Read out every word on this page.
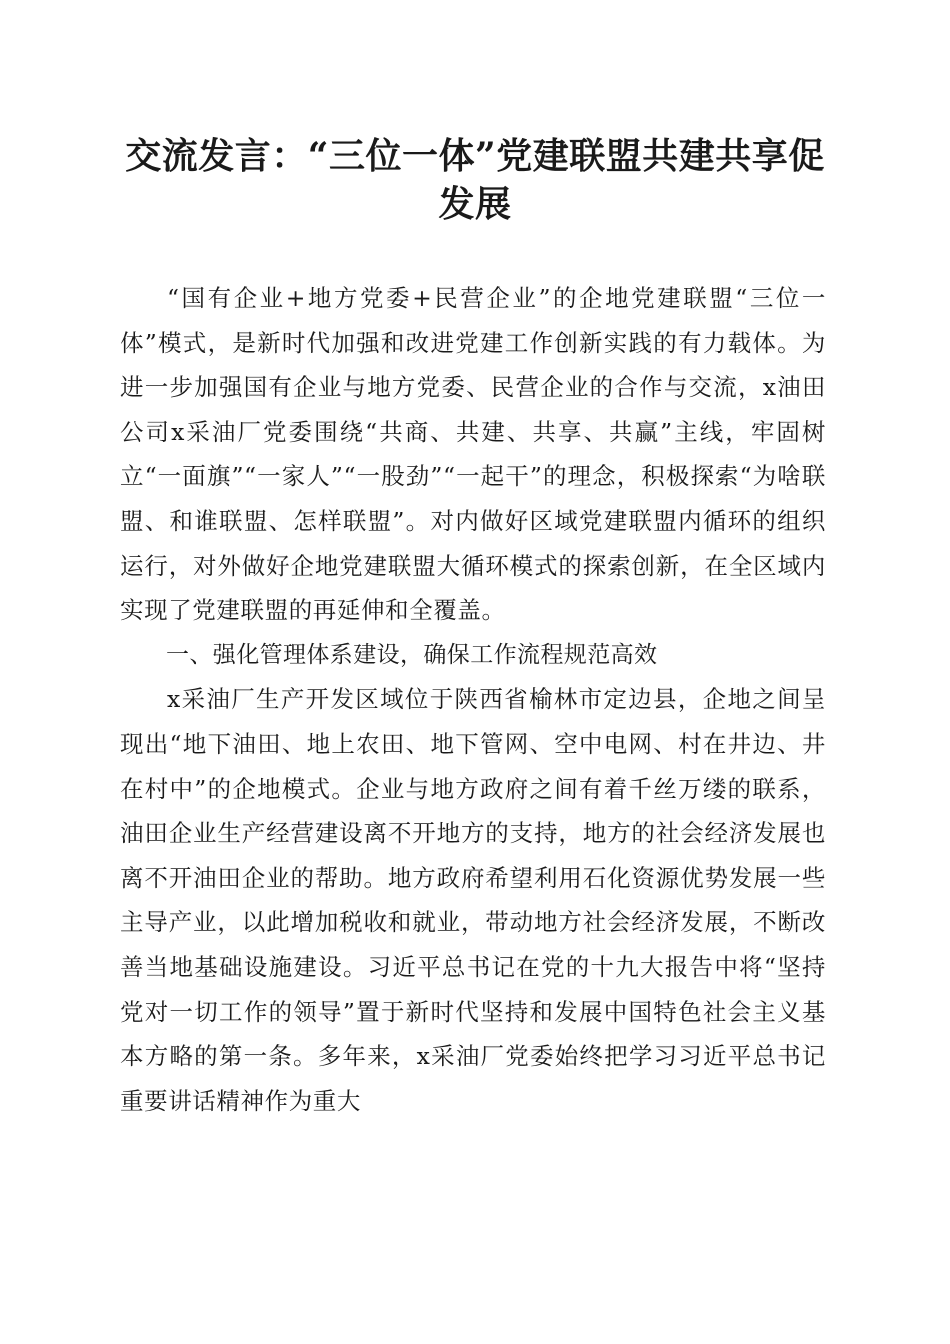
交流发言：“三位一体”党建联盟共建共享促
发展

“国有企业+地方党委+民营企业”的企地党建联盟“三位一体”模式，是新时代加强和改进党建工作创新实践的有力载体。为进一步加强国有企业与地方党委、民营企业的合作与交流，x油田公司x采油厂党委围绕“共商、共建、共享、共赢”主线，牢固树立“一面旗”“一家人”“一股劲”“一起干”的理念，积极探索“为啥联盟、和谁联盟、怎样联盟”。对内做好区域党建联盟内循环的组织运行，对外做好企地党建联盟大循环模式的探索创新，在全区域内实现了党建联盟的再延伸和全覆盖。

一、强化管理体系建设，确保工作流程规范高效

x采油厂生产开发区域位于陕西省榆林市定边县，企地之间呈现出“地下油田、地上农田、地下管网、空中电网、村在井边、井在村中”的企地模式。企业与地方政府之间有着千丝万缕的联系，油田企业生产经营建设离不开地方的支持，地方的社会经济发展也离不开油田企业的帮助。地方政府希望利用石化资源优势发展一些主导产业，以此增加税收和就业，带动地方社会经济发展，不断改善当地基础设施建设。习近平总书记在党的十九大报告中将“坚持党对一切工作的领导”置于新时代坚持和发展中国特色社会主义基本方略的第一条。多年来，x采油厂党委始终把学习习近平总书记重要讲话精神作为重大
